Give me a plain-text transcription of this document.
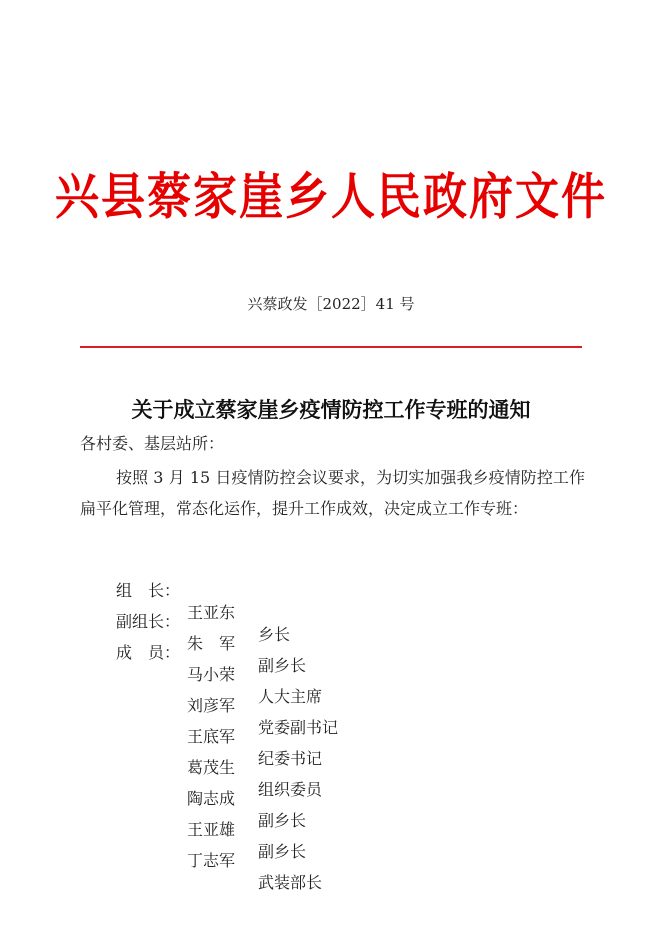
兴县蔡家崖乡人民政府文件
兴蔡政发［2022］41 号
关于成立蔡家崖乡疫情防控工作专班的通知
各村委、基层站所：
按照 3 月 15 日疫情防控会议要求，为切实加强我乡疫情防控工作扁平化管理，常态化运作，提升工作成效，决定成立工作专班：

组　长：

王亚东

乡长

副组长：

朱　军

副乡长

成　员：

马小荣

人大主席

刘彦军

党委副书记

王底军

纪委书记

葛茂生

组织委员

陶志成

副乡长

王亚雄

副乡长

丁志军

武装部长
